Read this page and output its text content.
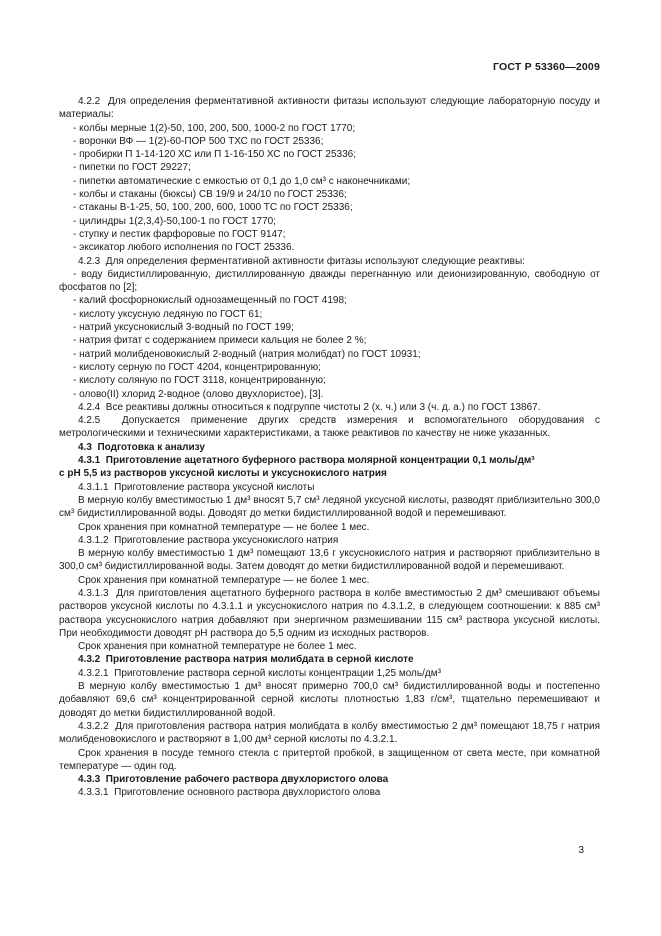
ГОСТ Р 53360—2009

4.2.2  Для определения ферментативной активности фитазы используют следующие лабораторную посуду и материалы:

- колбы мерные 1(2)-50, 100, 200, 500, 1000-2 по ГОСТ 1770;

- воронки ВФ — 1(2)-60-ПОР 500 ТХС по ГОСТ 25336;

- пробирки П 1-14-120 ХС или П 1-16-150 ХС по ГОСТ 25336;

- пипетки по ГОСТ 29227;

- пипетки автоматические с емкостью от 0,1 до 1,0 см³ с наконечниками;

- колбы и стаканы (бюксы) СВ 19/9 и 24/10 по ГОСТ 25336;

- стаканы В-1-25, 50, 100, 200, 600, 1000 ТС по ГОСТ 25336;

- цилиндры 1(2,3,4)-50,100-1 по ГОСТ 1770;

- ступку и пестик фарфоровые по ГОСТ 9147;

- эксикатор любого исполнения по ГОСТ 25336.

4.2.3  Для определения ферментативной активности фитазы используют следующие реактивы:

- воду бидистиллированную, дистиллированную дважды перегнанную или деионизированную, свободную от фосфатов по [2];

- калий фосфорнокислый однозамещенный по ГОСТ 4198;

- кислоту уксусную ледяную по ГОСТ 61;

- натрий уксуснокислый 3-водный по ГОСТ 199;

- натрия фитат с содержанием примеси кальция не более 2 %;

- натрий молибденовокислый 2-водный (натрия молибдат) по ГОСТ 10931;

- кислоту серную по ГОСТ 4204, концентрированную;

- кислоту соляную по ГОСТ 3118, концентрированную;

- олово(II) хлорид 2-водное (олово двухлористое), [3].

4.2.4  Все реактивы должны относиться к подгруппе чистоты 2 (х. ч.) или 3 (ч. д. а.) по ГОСТ 13867.

4.2.5  Допускается применение других средств измерения и вспомогательного оборудования с метрологическими и техническими характеристиками, а также реактивов по качеству не ниже указанных.

4.3  Подготовка к анализу

4.3.1  Приготовление ацетатного буферного раствора молярной концентрации 0,1 моль/дм³

с pH 5,5 из растворов уксусной кислоты и уксуснокислого натрия

4.3.1.1  Приготовление раствора уксусной кислоты

В мерную колбу вместимостью 1 дм³ вносят 5,7 см³ ледяной уксусной кислоты, разводят приблизительно 300,0 см³ бидистиллированной воды. Доводят до метки бидистиллированной водой и перемешивают.

Срок хранения при комнатной температуре — не более 1 мес.

4.3.1.2  Приготовление раствора уксуснокислого натрия

В мерную колбу вместимостью 1 дм³ помещают 13,6 г уксуснокислого натрия и растворяют приблизительно в 300,0 см³ бидистиллированной воды. Затем доводят до метки бидистиллированной водой и перемешивают.

Срок хранения при комнатной температуре — не более 1 мес.

4.3.1.3  Для приготовления ацетатного буферного раствора в колбе вместимостью 2 дм³ смешивают объемы растворов уксусной кислоты по 4.3.1.1 и уксуснокислого натрия по 4.3.1.2, в следующем соотношении: к 885 см³ раствора уксуснокислого натрия добавляют при энергичном размешивании 115 см³ раствора уксусной кислоты. При необходимости доводят pH раствора до 5,5 одним из исходных растворов.

Срок хранения при комнатной температуре не более 1 мес.

4.3.2  Приготовление раствора натрия молибдата в серной кислоте

4.3.2.1  Приготовление раствора серной кислоты концентрации 1,25 моль/дм³

В мерную колбу вместимостью 1 дм³ вносят примерно 700,0 см³ бидистиллированной воды и постепенно добавляют 69,6 см³ концентрированной серной кислоты плотностью 1,83 г/см³, тщательно перемешивают и доводят до метки бидистиллированной водой.

4.3.2.2  Для приготовления раствора натрия молибдата в колбу вместимостью 2 дм³ помещают 18,75 г натрия молибденовокислого и растворяют в 1,00 дм³ серной кислоты по 4.3.2.1.

Срок хранения в посуде темного стекла с притертой пробкой, в защищенном от света месте, при комнатной температуре — один год.

4.3.3  Приготовление рабочего раствора двухлористого олова

4.3.3.1  Приготовление основного раствора двухлористого олова

3
